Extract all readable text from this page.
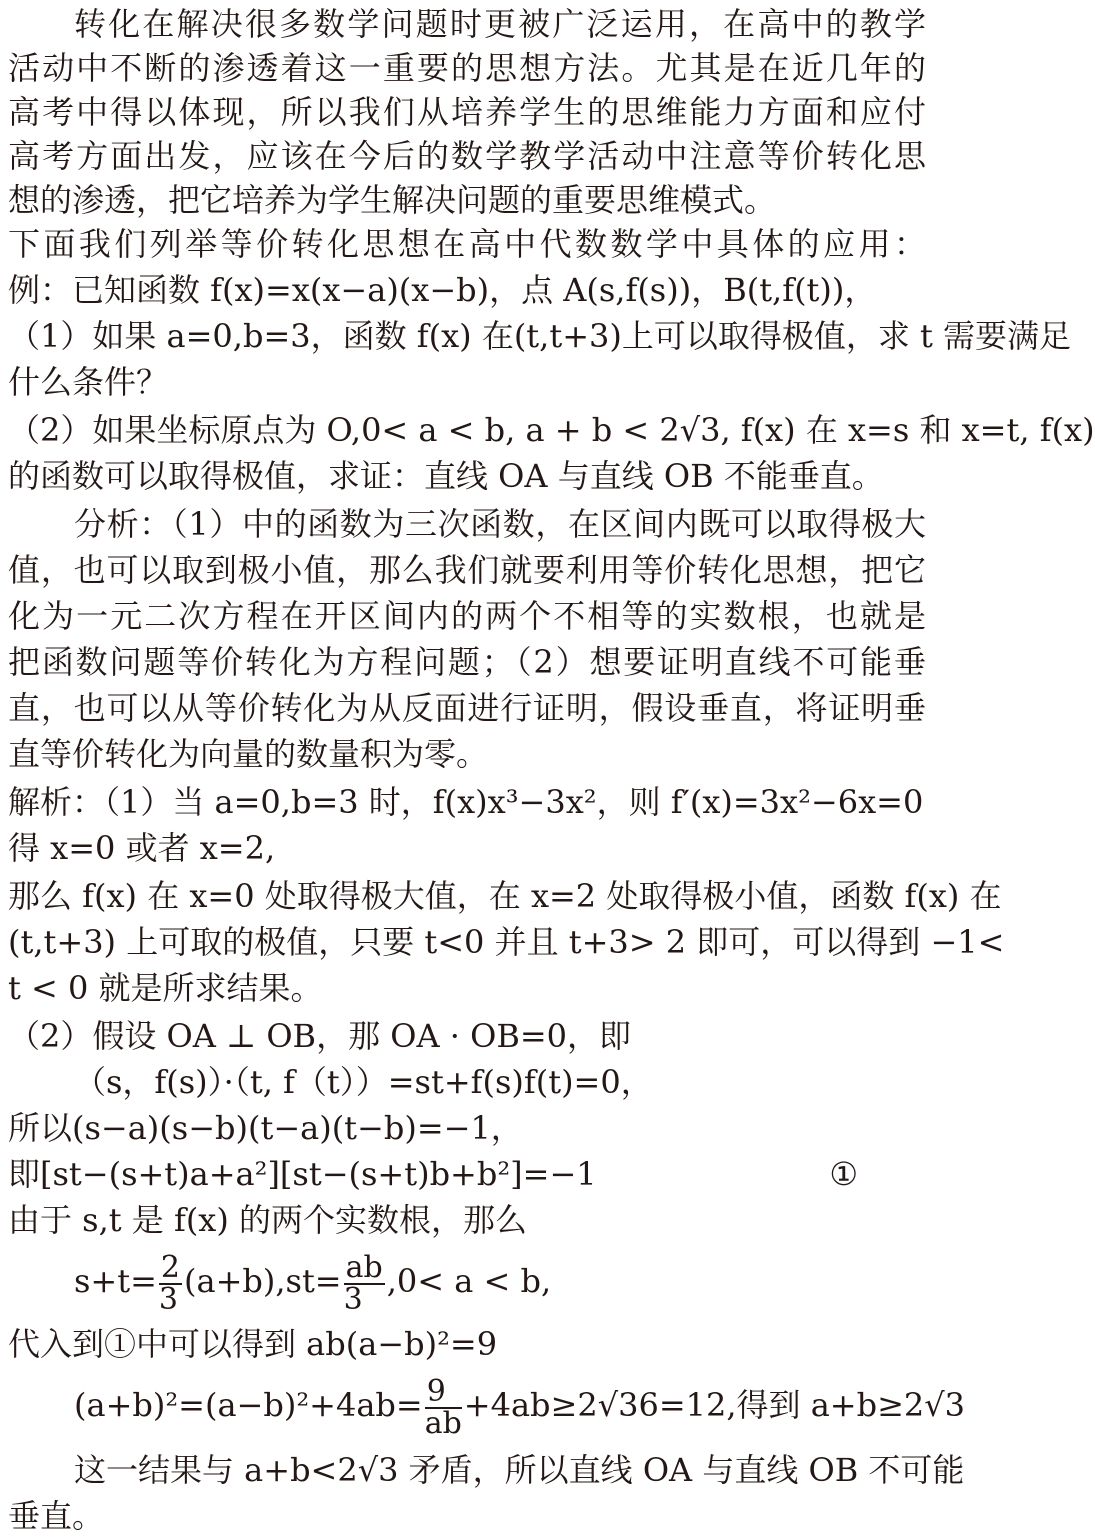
转化在解决很多数学问题时更被广泛运用，在高中的教学
活动中不断的渗透着这一重要的思想方法。尤其是在近几年的
高考中得以体现，所以我们从培养学生的思维能力方面和应付
高考方面出发，应该在今后的数学教学活动中注意等价转化思
想的渗透，把它培养为学生解决问题的重要思维模式。
下面我们列举等价转化思想在高中代数数学中具体的应用：
例：已知函数 f(x)=x(x−a)(x−b)，点 A(s,f(s))，B(t,f(t))，
（1）如果 a=0,b=3，函数 f(x) 在(t,t+3)上可以取得极值，求 t 需要满足
什么条件？
（2）如果坐标原点为 O,0< a < b, a + b < 2√3, f(x) 在 x=s 和 x=t, f(x)
的函数可以取得极值，求证：直线 OA 与直线 OB 不能垂直。
分析：（1）中的函数为三次函数，在区间内既可以取得极大
值，也可以取到极小值，那么我们就要利用等价转化思想，把它
化为一元二次方程在开区间内的两个不相等的实数根，也就是
把函数问题等价转化为方程问题；（2）想要证明直线不可能垂
直，也可以从等价转化为从反面进行证明，假设垂直，将证明垂
直等价转化为向量的数量积为零。
解析：（1）当 a=0,b=3 时，f(x)x³−3x²，则 f′(x)=3x²−6x=0
得 x=0 或者 x=2,
那么 f(x) 在 x=0 处取得极大值，在 x=2 处取得极小值，函数 f(x) 在
(t,t+3) 上可取的极值，只要 t<0 并且 t+3> 2 即可，可以得到 −1<
t < 0 就是所求结果。
（2）假设 OA ⊥ OB，那 OA · OB=0，即
（s，f(s)）·（t, f（t））=st+f(s)f(t)=0，
所以(s−a)(s−b)(t−a)(t−b)=−1，
即[st−(s+t)a+a²][st−(s+t)b+b²]=−1	①
由于 s,t 是 f(x) 的两个实数根，那么
$s+t= \frac{2}{3} (a+b),st= \frac{ab}{3} ,0< a < b$,
代入到①中可以得到 ab(a−b)²=9
$(a+b)^2=(a-b)^2+4ab= \frac{9}{ab} +4ab\ge 2√36=12$,得到 a+b≥2√3
这一结果与 a+b<2√3 矛盾，所以直线 OA 与直线 OB 不可能
垂直。
